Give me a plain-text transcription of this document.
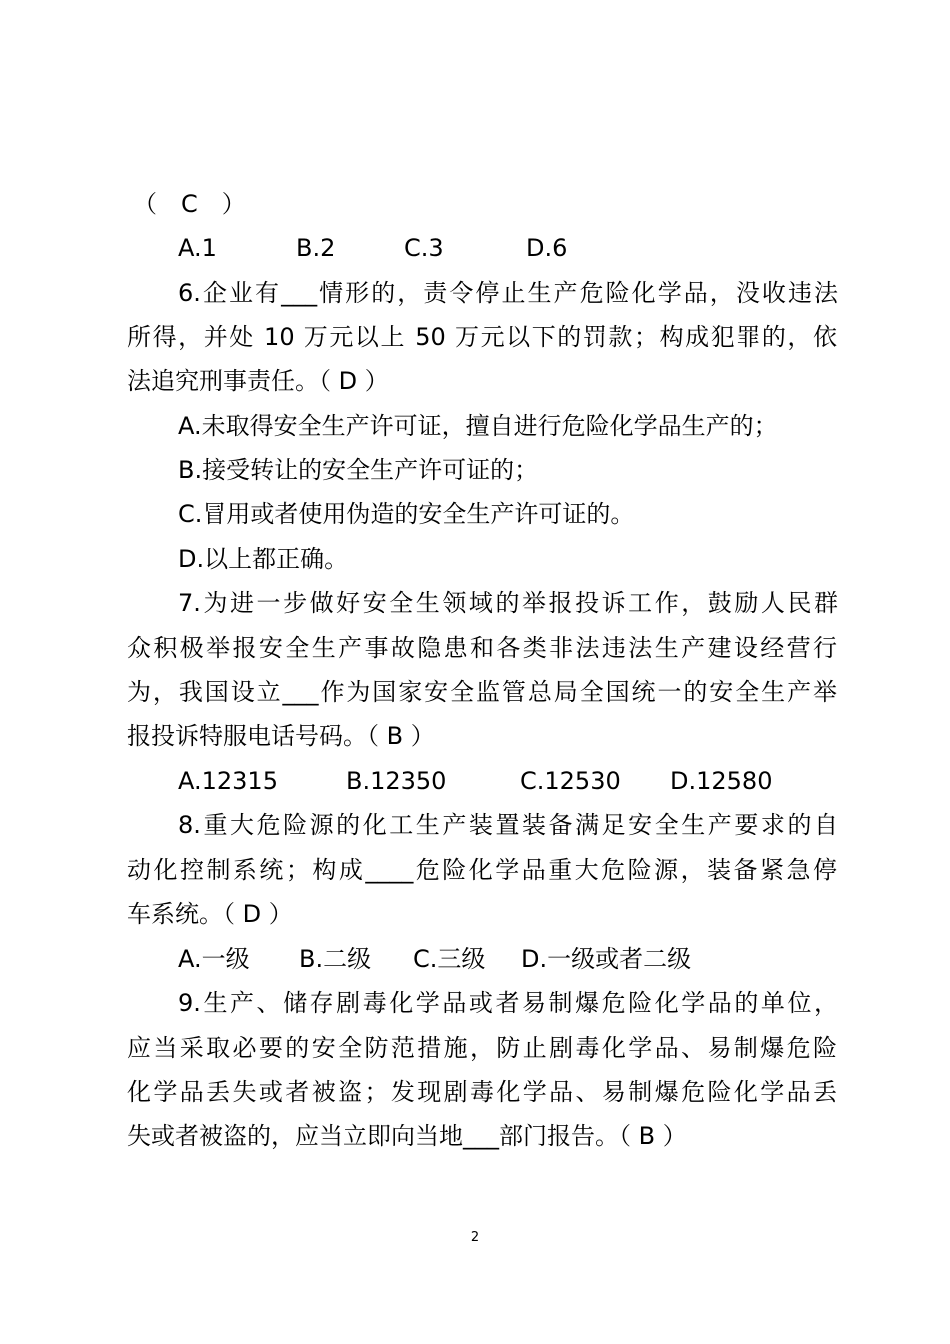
（　C　）
A.1	B.2	C.3	D.6
6.企业有___情形的，责令停止生产危险化学品，没收违法
所得，并处 10 万元以上 50 万元以下的罚款；构成犯罪的，依
法追究刑事责任。（ D ）
A.未取得安全生产许可证，擅自进行危险化学品生产的；
B.接受转让的安全生产许可证的；
C.冒用或者使用伪造的安全生产许可证的。
D.以上都正确。
7.为进一步做好安全生领域的举报投诉工作，鼓励人民群
众积极举报安全生产事故隐患和各类非法违法生产建设经营行
为，我国设立___作为国家安全监管总局全国统一的安全生产举
报投诉特服电话号码。（ B ）
A.12315	B.12350	C.12530	D.12580
8.重大危险源的化工生产装置装备满足安全生产要求的自
动化控制系统；构成____危险化学品重大危险源，装备紧急停
车系统。（ D ）
A.一级	B.二级	C.三级	D.一级或者二级
9.生产、储存剧毒化学品或者易制爆危险化学品的单位，
应当采取必要的安全防范措施，防止剧毒化学品、易制爆危险
化学品丢失或者被盗；发现剧毒化学品、易制爆危险化学品丢
失或者被盗的，应当立即向当地___部门报告。（ B ）
2
